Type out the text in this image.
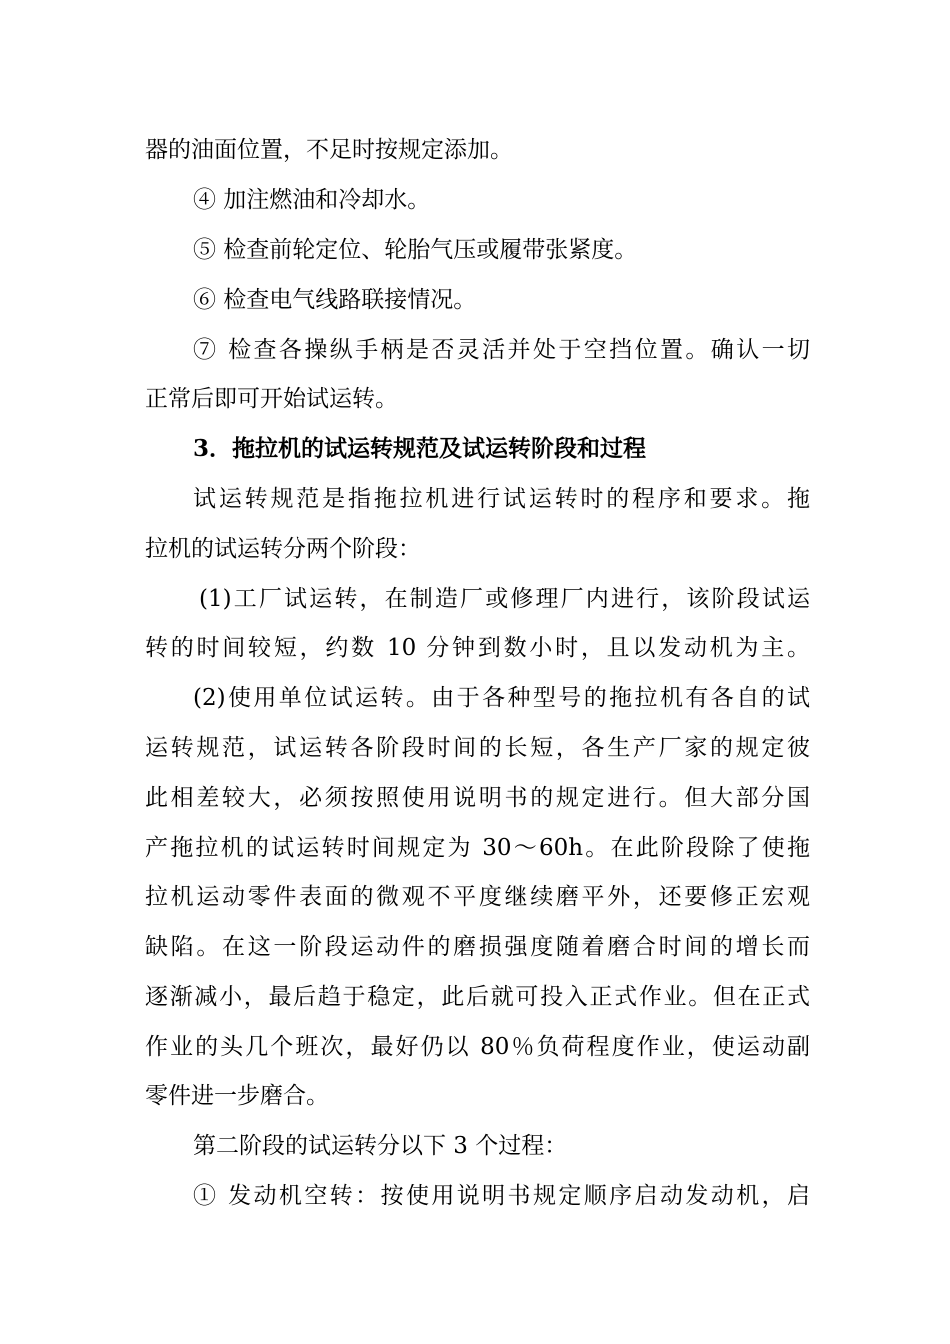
器的油面位置，不足时按规定添加。
④ 加注燃油和冷却水。
⑤ 检查前轮定位、轮胎气压或履带张紧度。
⑥ 检查电气线路联接情况。
⑦ 检查各操纵手柄是否灵活并处于空挡位置。确认一切
正常后即可开始试运转。
3．拖拉机的试运转规范及试运转阶段和过程
试运转规范是指拖拉机进行试运转时的程序和要求。拖
拉机的试运转分两个阶段：
(1)工厂试运转，在制造厂或修理厂内进行，该阶段试运
转的时间较短，约数 10 分钟到数小时，且以发动机为主。
(2)使用单位试运转。由于各种型号的拖拉机有各自的试
运转规范，试运转各阶段时间的长短，各生产厂家的规定彼
此相差较大，必须按照使用说明书的规定进行。但大部分国
产拖拉机的试运转时间规定为 30～60h。在此阶段除了使拖
拉机运动零件表面的微观不平度继续磨平外，还要修正宏观
缺陷。在这一阶段运动件的磨损强度随着磨合时间的增长而
逐渐减小，最后趋于稳定，此后就可投入正式作业。但在正式
作业的头几个班次，最好仍以 80％负荷程度作业，使运动副
零件进一步磨合。
第二阶段的试运转分以下 3 个过程：
① 发动机空转：按使用说明书规定顺序启动发动机，启
